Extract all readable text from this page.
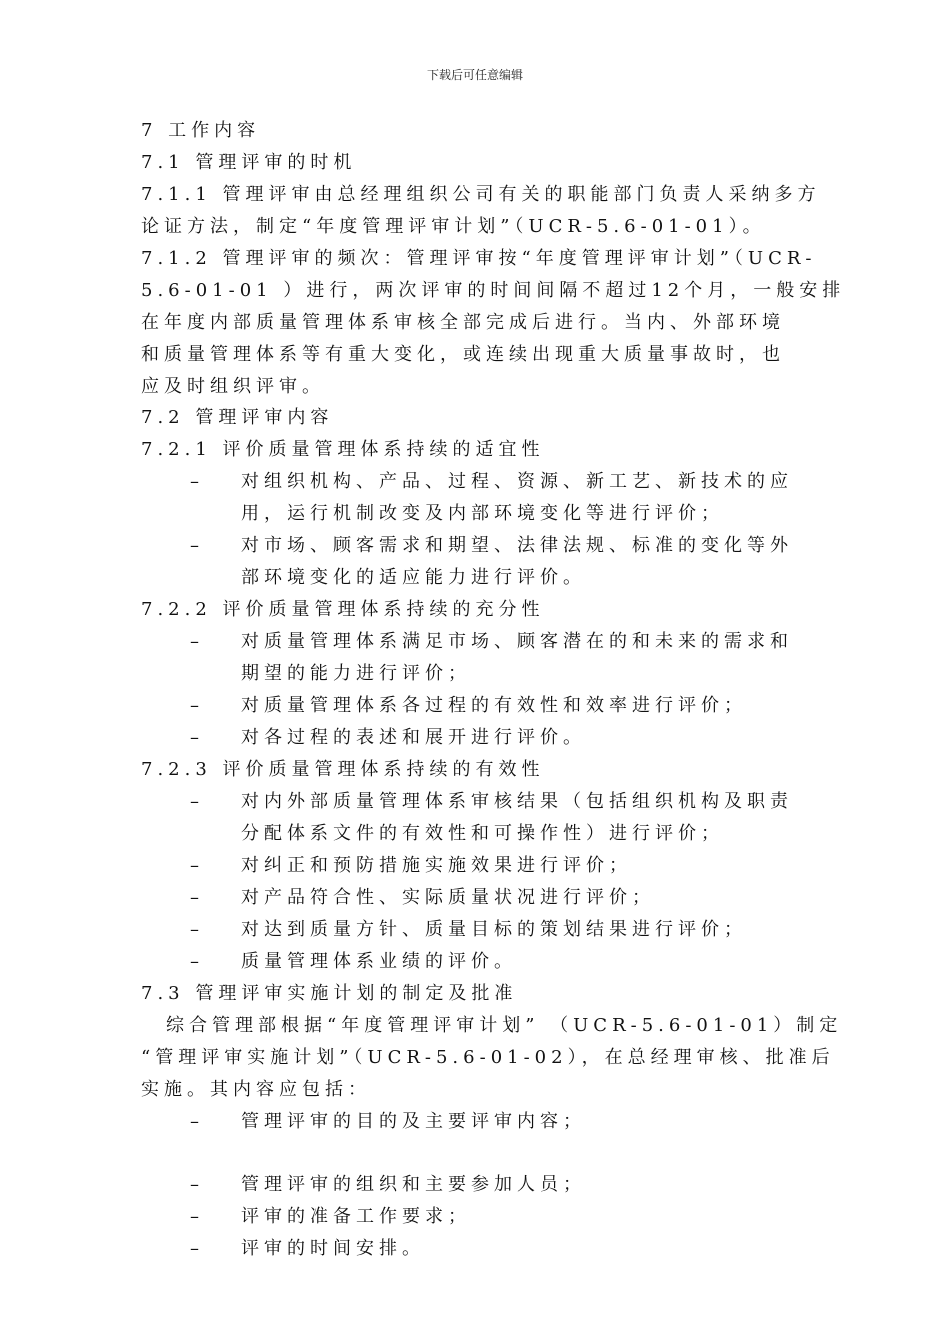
下载后可任意编辑
7 工作内容
7.1 管理评审的时机
7.1.1 管理评审由总经理组织公司有关的职能部门负责人采纳多方
论证方法，制定“年度管理评审计划”（UCR-5.6-01-01）。
7.1.2 管理评审的频次：管理评审按“年度管理评审计划”（UCR-
5.6-01-01 ）进行，两次评审的时间间隔不超过12个月，一般安排
在年度内部质量管理体系审核全部完成后进行。当内、外部环境
和质量管理体系等有重大变化，或连续出现重大质量事故时，也
应及时组织评审。
7.2 管理评审内容
7.2.1 评价质量管理体系持续的适宜性
– 对组织机构、产品、过程、资源、新工艺、新技术的应
用，运行机制改变及内部环境变化等进行评价；
– 对市场、顾客需求和期望、法律法规、标准的变化等外
部环境变化的适应能力进行评价。
7.2.2 评价质量管理体系持续的充分性
– 对质量管理体系满足市场、顾客潜在的和未来的需求和
期望的能力进行评价；
– 对质量管理体系各过程的有效性和效率进行评价；
– 对各过程的表述和展开进行评价。
7.2.3 评价质量管理体系持续的有效性
– 对内外部质量管理体系审核结果（包括组织机构及职责
分配体系文件的有效性和可操作性）进行评价；
– 对纠正和预防措施实施效果进行评价；
– 对产品符合性、实际质量状况进行评价；
– 对达到质量方针、质量目标的策划结果进行评价；
– 质量管理体系业绩的评价。
7.3 管理评审实施计划的制定及批准
综合管理部根据“年度管理评审计划” （UCR-5.6-01-01）制定
“管理评审实施计划”（UCR-5.6-01-02），在总经理审核、批准后
实施。其内容应包括：
– 管理评审的目的及主要评审内容；
– 管理评审的组织和主要参加人员；
– 评审的准备工作要求；
– 评审的时间安排。
